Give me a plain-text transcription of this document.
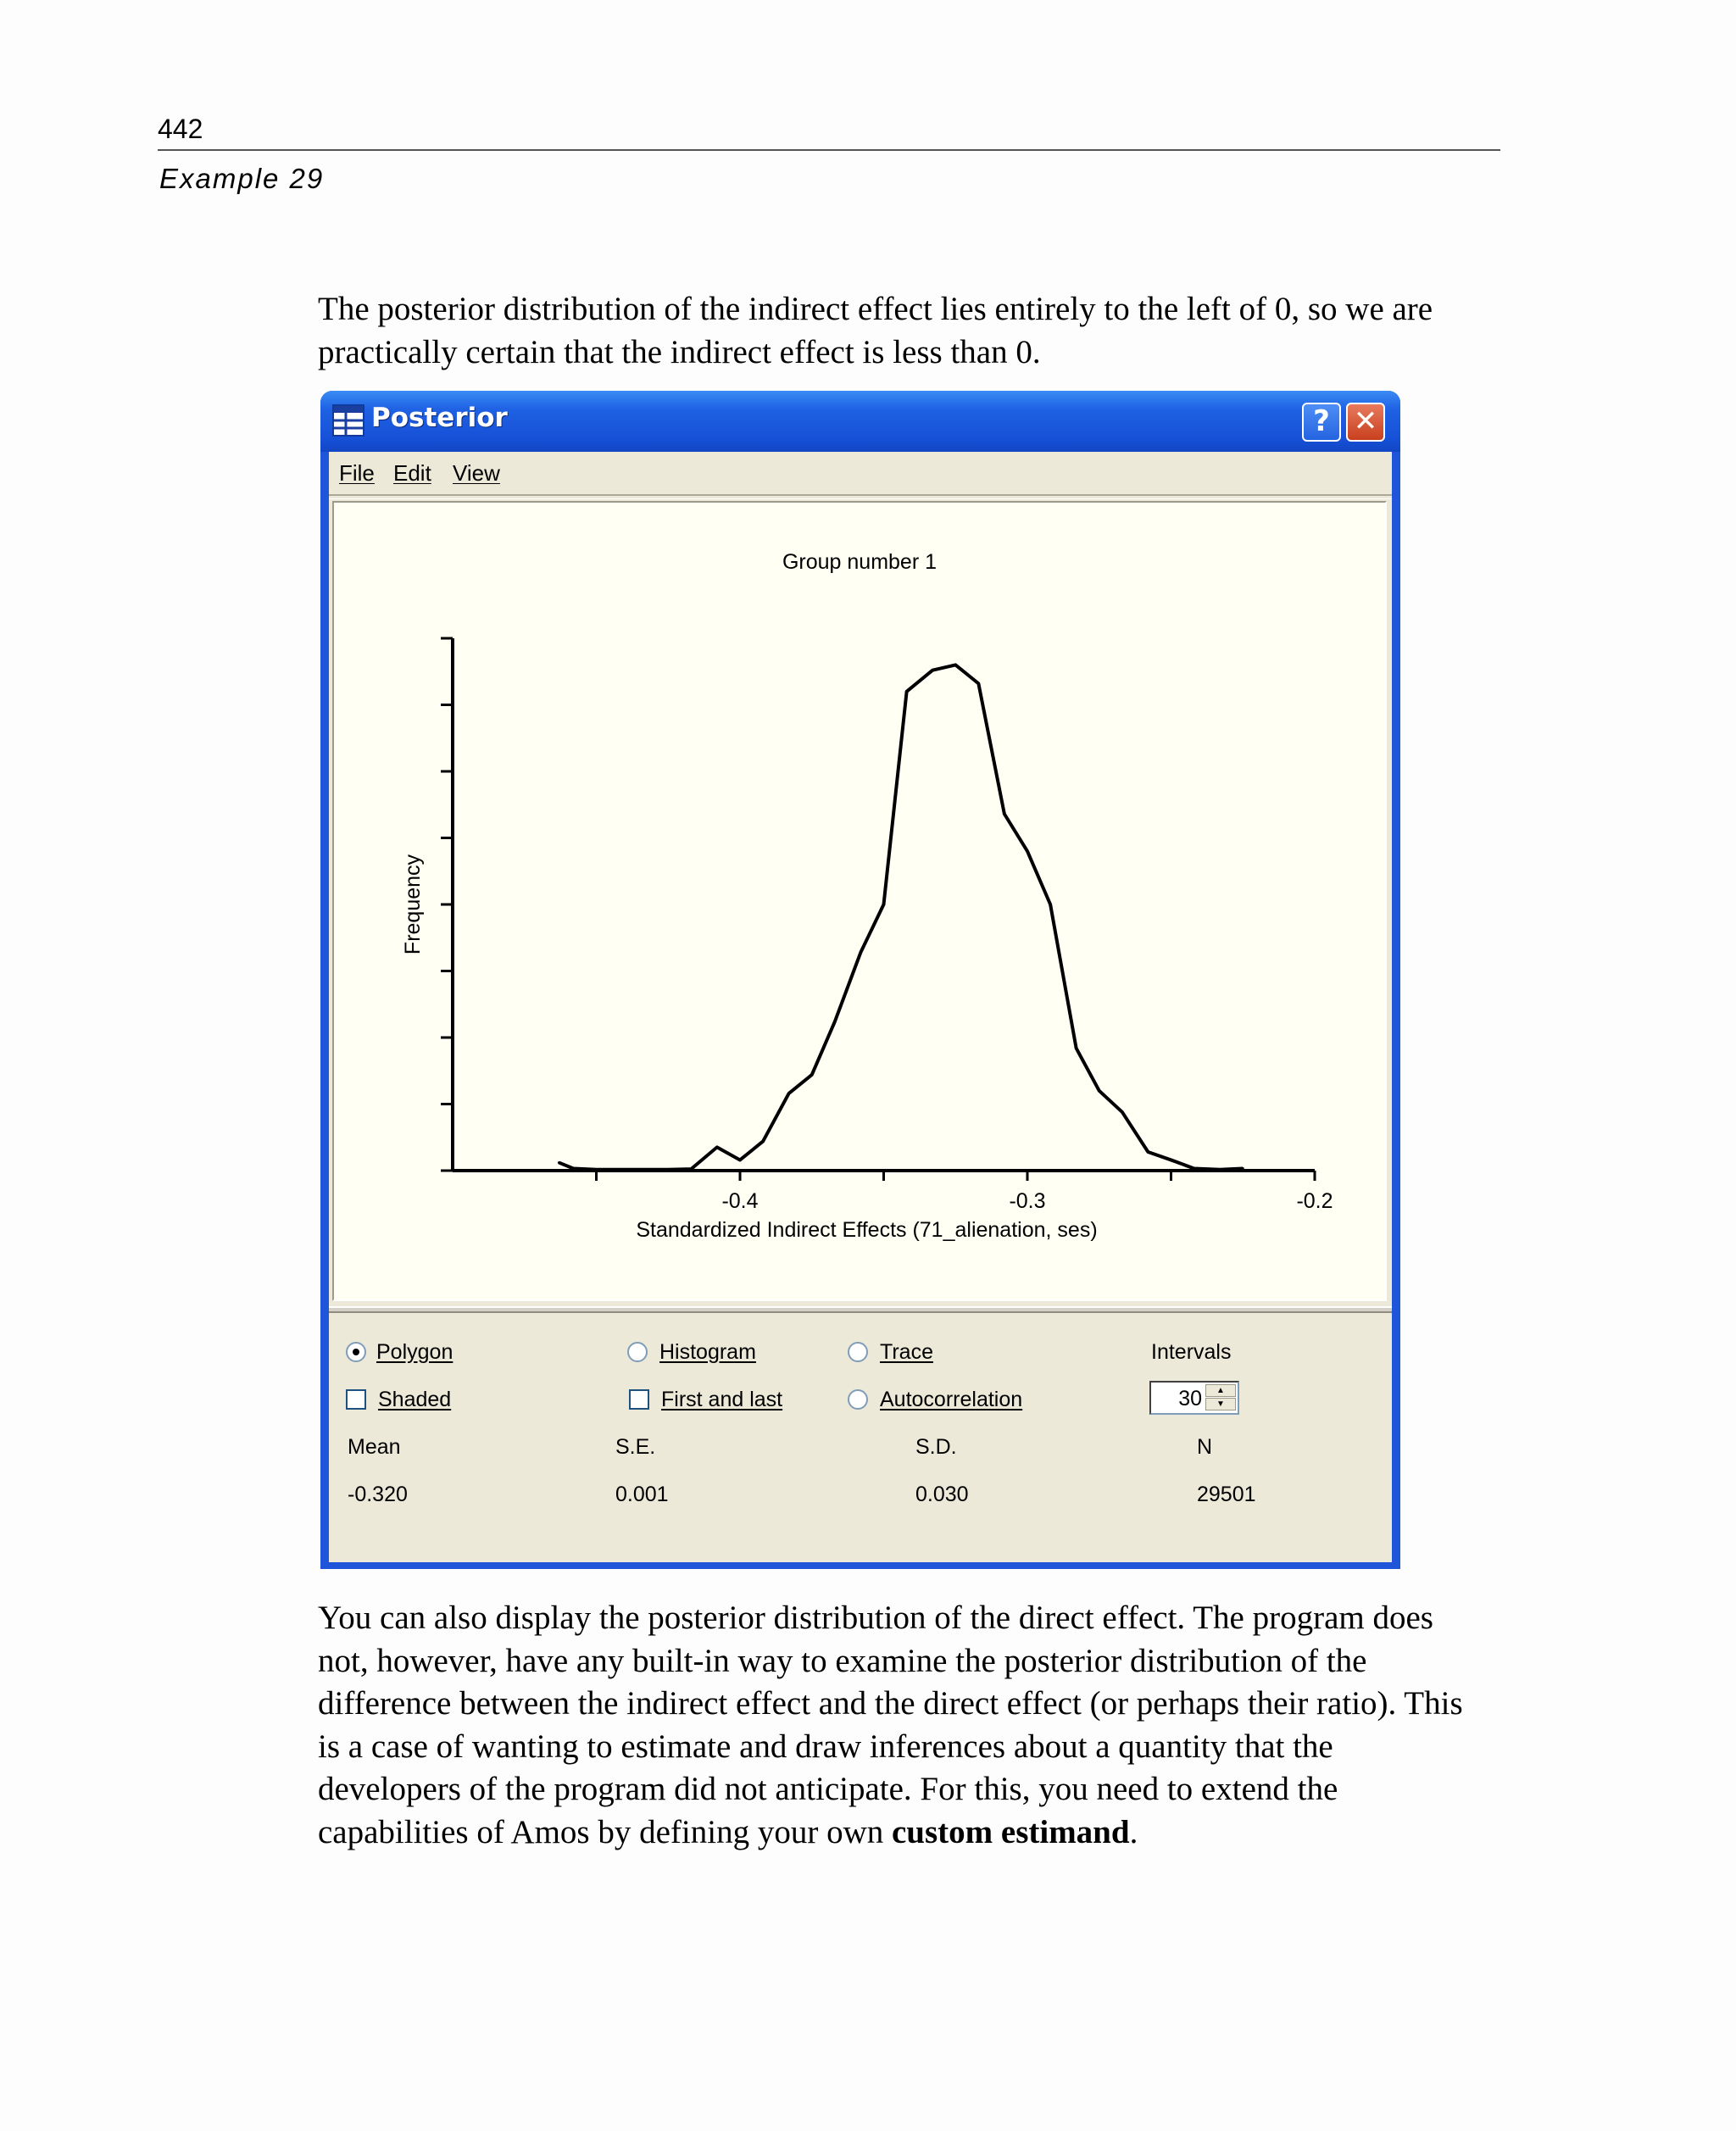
442
Example 29

The posterior distribution of the indirect effect lies entirely to the left of 0, so we are

practically certain that the indirect effect is less than 0.

Posterior	? ✕
File Edit View
Group number 1
-0.4	-0.3	-0.2
Standardized Indirect Effects (71_alienation, ses)
Frequency
Polygon	Histogram	Trace	Intervals
Shaded	First and last	Autocorrelation	30	▲
▼
Mean	S.E.	S.D.	N
-0.320	0.001	0.030	29501

You can also display the posterior distribution of the direct effect. The program does

not, however, have any built-in way to examine the posterior distribution of the

difference between the indirect effect and the direct effect (or perhaps their ratio). This

is a case of wanting to estimate and draw inferences about a quantity that the

developers of the program did not anticipate. For this, you need to extend the

capabilities of Amos by defining your own custom estimand.
